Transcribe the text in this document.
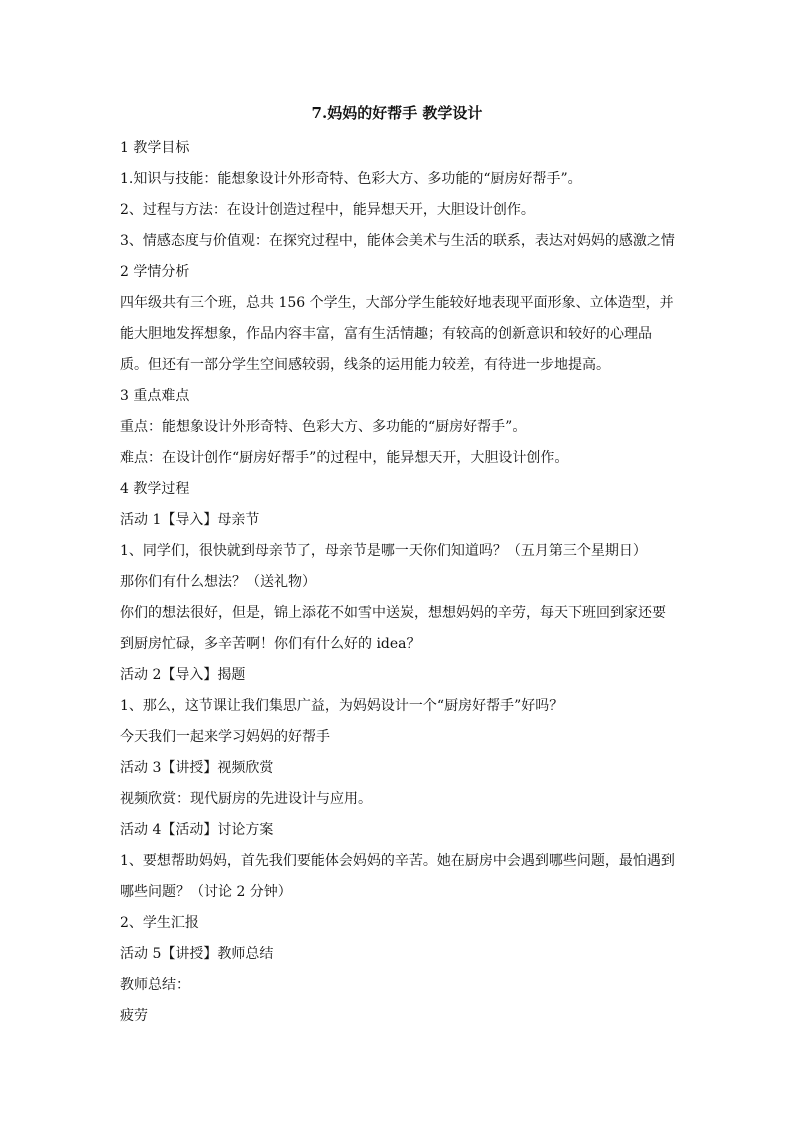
7.妈妈的好帮手 教学设计

1 教学目标

1.知识与技能：能想象设计外形奇特、色彩大方、多功能的“厨房好帮手”。

2、过程与方法：在设计创造过程中，能异想天开，大胆设计创作。

3、情感态度与价值观：在探究过程中，能体会美术与生活的联系，表达对妈妈的感激之情

2 学情分析

四年级共有三个班，总共 156 个学生，大部分学生能较好地表现平面形象、立体造型，并能大胆地发挥想象，作品内容丰富，富有生活情趣；有较高的创新意识和较好的心理品质。但还有一部分学生空间感较弱，线条的运用能力较差，有待进一步地提高。

3 重点难点

重点：能想象设计外形奇特、色彩大方、多功能的“厨房好帮手”。

难点：在设计创作“厨房好帮手”的过程中，能异想天开，大胆设计创作。

4 教学过程

活动 1【导入】母亲节

1、同学们，很快就到母亲节了，母亲节是哪一天你们知道吗？（五月第三个星期日）

那你们有什么想法？（送礼物）

你们的想法很好，但是，锦上添花不如雪中送炭，想想妈妈的辛劳，每天下班回到家还要到厨房忙碌，多辛苦啊！你们有什么好的 idea？

活动 2【导入】揭题

1、那么，这节课让我们集思广益，为妈妈设计一个“厨房好帮手”好吗？

今天我们一起来学习妈妈的好帮手

活动 3【讲授】视频欣赏

视频欣赏：现代厨房的先进设计与应用。

活动 4【活动】讨论方案

1、要想帮助妈妈，首先我们要能体会妈妈的辛苦。她在厨房中会遇到哪些问题，最怕遇到哪些问题？（讨论 2 分钟）

2、学生汇报

活动 5【讲授】教师总结

教师总结：

疲劳
